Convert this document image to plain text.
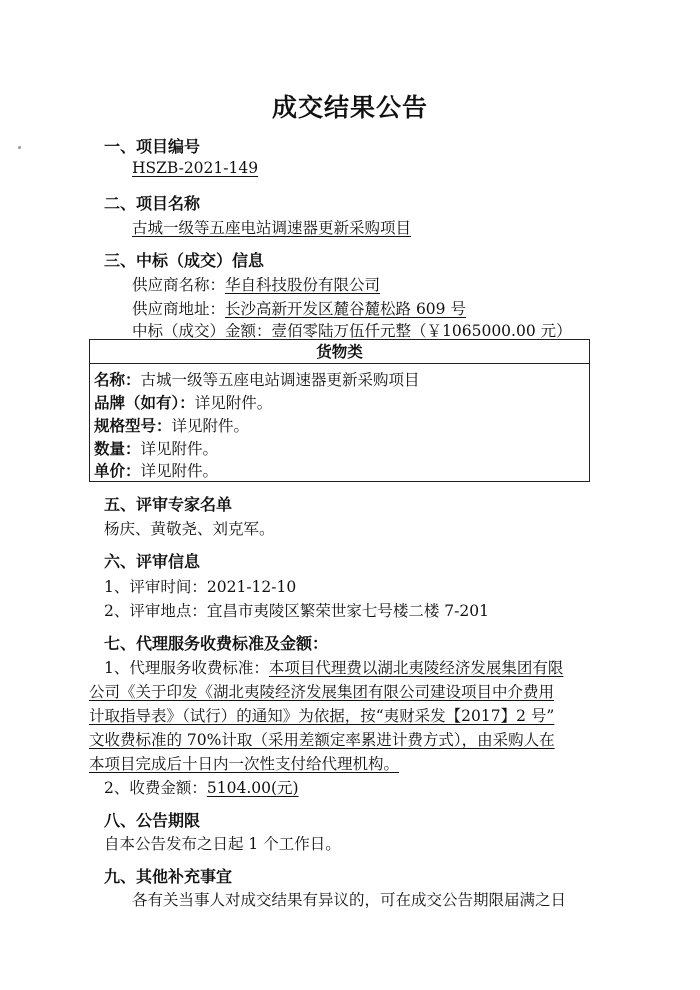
成交结果公告
一、项目编号
HSZB-2021-149
二、项目名称
古城一级等五座电站调速器更新采购项目
三、中标（成交）信息
供应商名称：华自科技股份有限公司
供应商地址：长沙高新开发区麓谷麓松路 609 号
中标（成交）金额：壹佰零陆万伍仟元整（￥1065000.00 元）
货物类
名称：古城一级等五座电站调速器更新采购项目
品牌（如有）：详见附件。
规格型号：详见附件。
数量：详见附件。
单价：详见附件。
五、评审专家名单
杨庆、黄敬尧、刘克军。
六、评审信息
1、评审时间：2021-12-10
2、评审地点：宜昌市夷陵区繁荣世家七号楼二楼 7-201
七、代理服务收费标准及金额：
1、代理服务收费标准：本项目代理费以湖北夷陵经济发展集团有限
公司《关于印发《湖北夷陵经济发展集团有限公司建设项目中介费用
计取指导表》（试行）的通知》为依据，按“夷财采发【2017】2 号”
文收费标准的 70%计取（采用差额定率累进计费方式），由采购人在
本项目完成后十日内一次性支付给代理机构。
2、收费金额：5104.00(元)
八、公告期限
自本公告发布之日起 1 个工作日。
九、其他补充事宜
各有关当事人对成交结果有异议的，可在成交公告期限届满之日
